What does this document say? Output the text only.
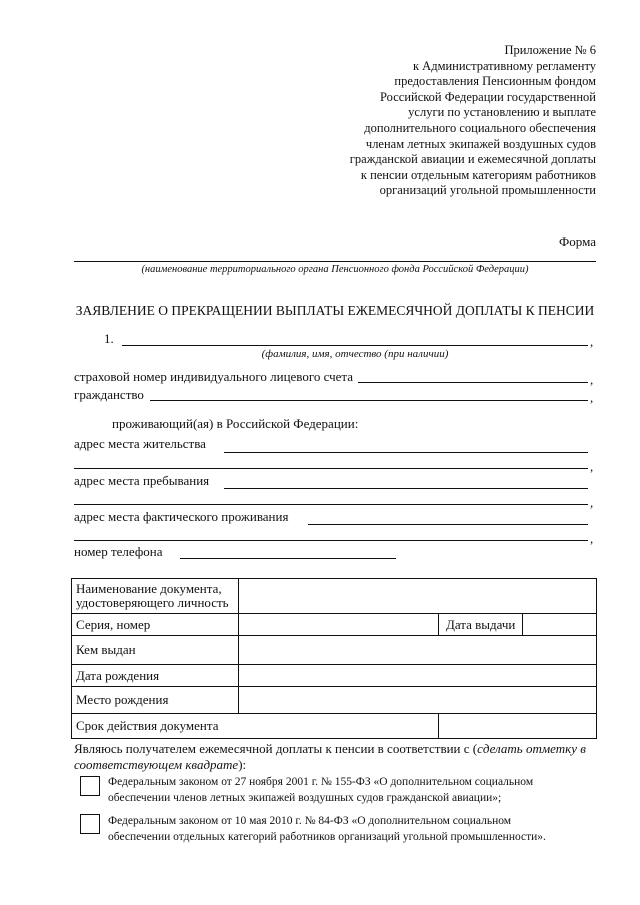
Приложение № 6
к Административному регламенту
предоставления Пенсионным фондом
Российской Федерации государственной
услуги по установлению и выплате
дополнительного социального обеспечения
членам летных экипажей воздушных судов
гражданской авиации и ежемесячной доплаты
к пенсии отдельным категориям работников
организаций угольной промышленности
Форма
(наименование территориального органа Пенсионного фонда Российской Федерации)
ЗАЯВЛЕНИЕ О ПРЕКРАЩЕНИИ ВЫПЛАТЫ ЕЖЕМЕСЯЧНОЙ ДОПЛАТЫ К ПЕНСИИ
1.	,
(фамилия, имя, отчество (при наличии)
страховой номер индивидуального лицевого счета	,
гражданство	,
проживающий(ая) в Российской Федерации:
адрес места жительства
,
адрес места пребывания
,
адрес места фактического проживания
,
номер телефона
Наименование документа,
удостоверяющего личность			

Серия, номер		Дата выдачи	
Кем выдан			
Дата рождения			
Место рождения			
Срок действия документа			
Являюсь получателем ежемесячной доплаты к пенсии в соответствии с (сделать отметку в
соответствующем квадрате):
Федеральным законом от 27 ноября 2001 г. № 155-ФЗ «О дополнительном социальном
обеспечении членов летных экипажей воздушных судов гражданской авиации»;
Федеральным законом от 10 мая 2010 г. № 84-ФЗ «О дополнительном социальном
обеспечении отдельных категорий работников организаций угольной промышленности».
